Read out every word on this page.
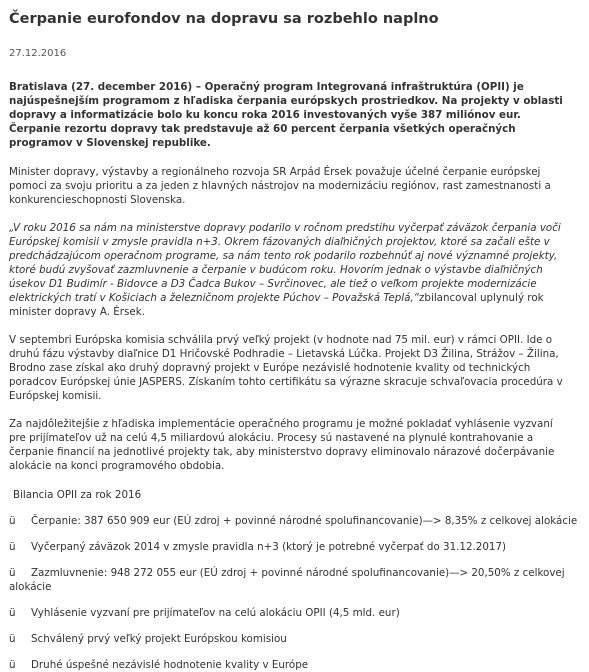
Čerpanie eurofondov na dopravu sa rozbehlo naplno
27.12.2016
Bratislava (27. december 2016) – Operačný program Integrovaná infraštruktúra (OPII) je najúspešnejším programom z hľadiska čerpania európskych prostriedkov. Na projekty v oblasti dopravy a informatizácie bolo ku koncu roka 2016 investovaných vyše 387 miliónov eur. Čerpanie rezortu dopravy tak predstavuje až 60 percent čerpania všetkých operačných programov v Slovenskej republike.

Minister dopravy, výstavby a regionálneho rozvoja SR Arpád Érsek považuje účelné čerpanie európskej pomoci za svoju prioritu a za jeden z hlavných nástrojov na modernizáciu regiónov, rast zamestnanosti a konkurencieschopnosti Slovenska.

„V roku 2016 sa nám na ministerstve dopravy podarilo v ročnom predstihu vyčerpať záväzok čerpania voči Európskej komisii v zmysle pravidla n+3. Okrem fázovaných diaľničných projektov, ktoré sa začali ešte v predchádzajúcom operačnom programe, sa nám tento rok podarilo rozbehnúť aj nové významné projekty, ktoré budú zvyšovať zazmluvnenie a čerpanie v budúcom roku. Hovorím jednak o výstavbe diaľničných úsekov D1 Budimír - Bidovce a D3 Čadca Bukov – Svrčinovec, ale tiež o veľkom projekte modernizácie elektrických tratí v Košiciach a železničnom projekte Púchov – Považská Teplá,“zbilancoval uplynulý rok minister dopravy A. Érsek.

V septembri Európska komisia schválila prvý veľký projekt (v hodnote nad 75 mil. eur) v rámci OPII. Ide o druhú fázu výstavby diaľnice D1 Hričovské Podhradie – Lietavská Lúčka. Projekt D3 Žilina, Strážov – Žilina, Brodno zase získal ako druhý dopravný projekt v Európe nezávislé hodnotenie kvality od technických poradcov Európskej únie JASPERS. Získaním tohto certifikátu sa výrazne skracuje schvaľovacia procedúra v Európskej komisii.

Za najdôležitejšie z hľadiska implementácie operačného programu je možné pokladať vyhlásenie vyzvaní pre prijímateľov už na celú 4,5 miliardovú alokáciu. Procesy sú nastavené na plynulé kontrahovanie a čerpanie financií na jednotlivé projekty tak, aby ministerstvo dopravy eliminovalo nárazové dočerpávanie alokácie na konci programového obdobia.

Bilancia OPII za rok 2016

ü Čerpanie: 387 650 909 eur (EÚ zdroj + povinné národné spolufinancovanie)—> 8,35% z celkovej alokácie

ü Vyčerpaný záväzok 2014 v zmysle pravidla n+3 (ktorý je potrebné vyčerpať do 31.12.2017)

ü Zazmluvnenie: 948 272 055 eur (EÚ zdroj + povinné národné spolufinancovanie)—> 20,50% z celkovej alokácie

ü Vyhlásenie vyzvaní pre prijímateľov na celú alokáciu OPII (4,5 mld. eur)

ü Schválený prvý veľký projekt Európskou komisiou

ü Druhé úspešné nezávislé hodnotenie kvality v Európe
